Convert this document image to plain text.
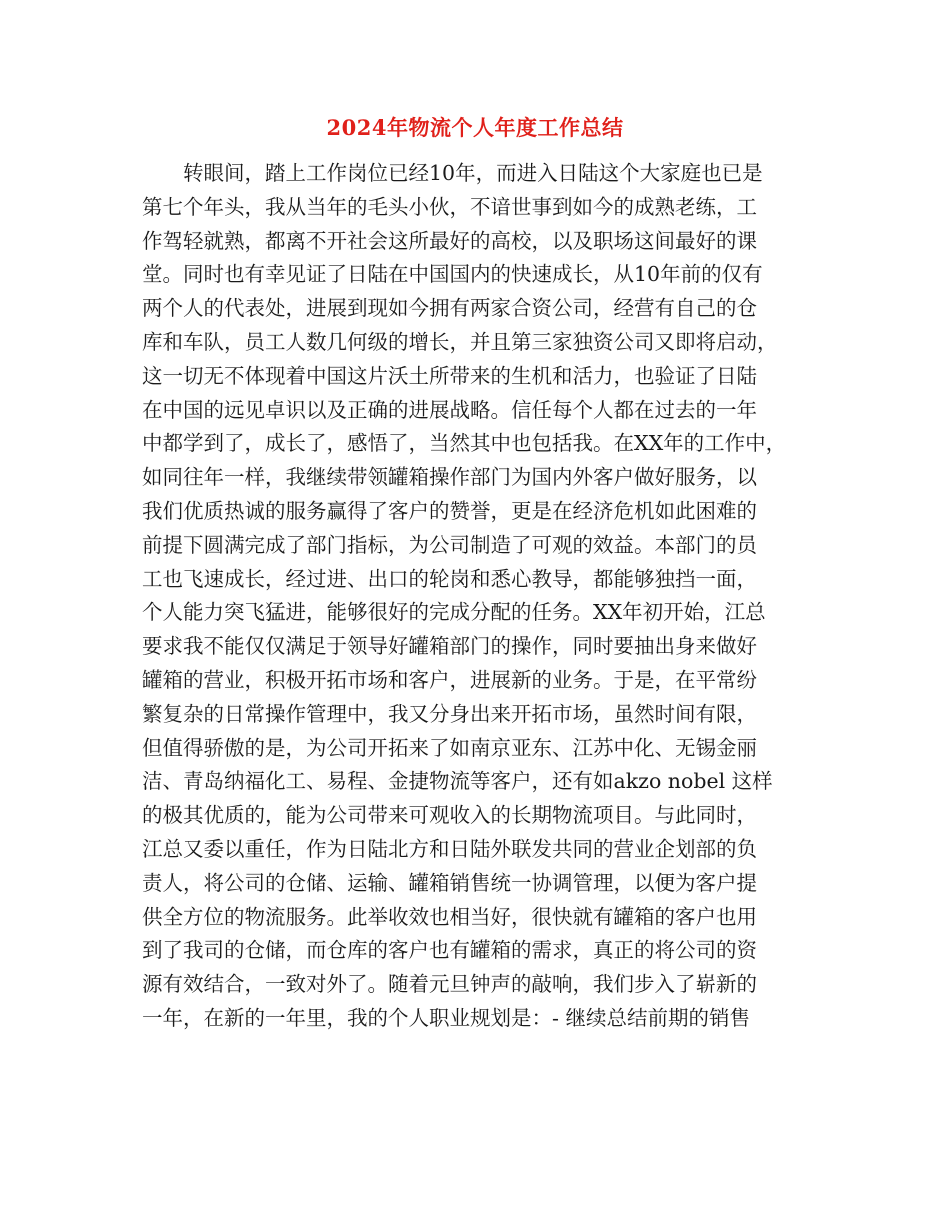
2024年物流个人年度工作总结
　　转眼间，踏上工作岗位已经10年，而进入日陆这个大家庭也已是
第七个年头，我从当年的毛头小伙，不谙世事到如今的成熟老练，工
作驾轻就熟，都离不开社会这所最好的高校，以及职场这间最好的课
堂。同时也有幸见证了日陆在中国国内的快速成长，从10年前的仅有
两个人的代表处，进展到现如今拥有两家合资公司，经营有自己的仓
库和车队，员工人数几何级的增长，并且第三家独资公司又即将启动，
这一切无不体现着中国这片沃土所带来的生机和活力，也验证了日陆
在中国的远见卓识以及正确的进展战略。信任每个人都在过去的一年
中都学到了，成长了，感悟了，当然其中也包括我。在XX年的工作中，
如同往年一样，我继续带领罐箱操作部门为国内外客户做好服务，以
我们优质热诚的服务赢得了客户的赞誉，更是在经济危机如此困难的
前提下圆满完成了部门指标，为公司制造了可观的效益。本部门的员
工也飞速成长，经过进、出口的轮岗和悉心教导，都能够独挡一面，
个人能力突飞猛进，能够很好的完成分配的任务。XX年初开始，江总
要求我不能仅仅满足于领导好罐箱部门的操作，同时要抽出身来做好
罐箱的营业，积极开拓市场和客户，进展新的业务。于是，在平常纷
繁复杂的日常操作管理中，我又分身出来开拓市场，虽然时间有限，
但值得骄傲的是，为公司开拓来了如南京亚东、江苏中化、无锡金丽
洁、青岛纳福化工、易程、金捷物流等客户，还有如akzo nobel 这样
的极其优质的，能为公司带来可观收入的长期物流项目。与此同时，
江总又委以重任，作为日陆北方和日陆外联发共同的营业企划部的负
责人，将公司的仓储、运输、罐箱销售统一协调管理，以便为客户提
供全方位的物流服务。此举收效也相当好，很快就有罐箱的客户也用
到了我司的仓储，而仓库的客户也有罐箱的需求，真正的将公司的资
源有效结合，一致对外了。随着元旦钟声的敲响，我们步入了崭新的
一年，在新的一年里，我的个人职业规划是：- 继续总结前期的销售
